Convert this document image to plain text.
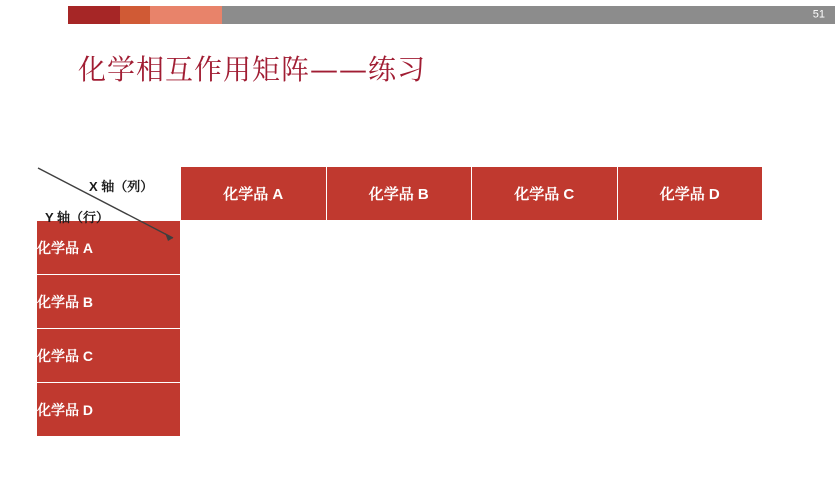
51
化学相互作用矩阵——练习
X 轴（列）
Y 轴（行）	化学品 A	化学品 B	化学品 C	化学品 D
化学品 A				
化学品 B				
化学品 C				
化学品 D				
